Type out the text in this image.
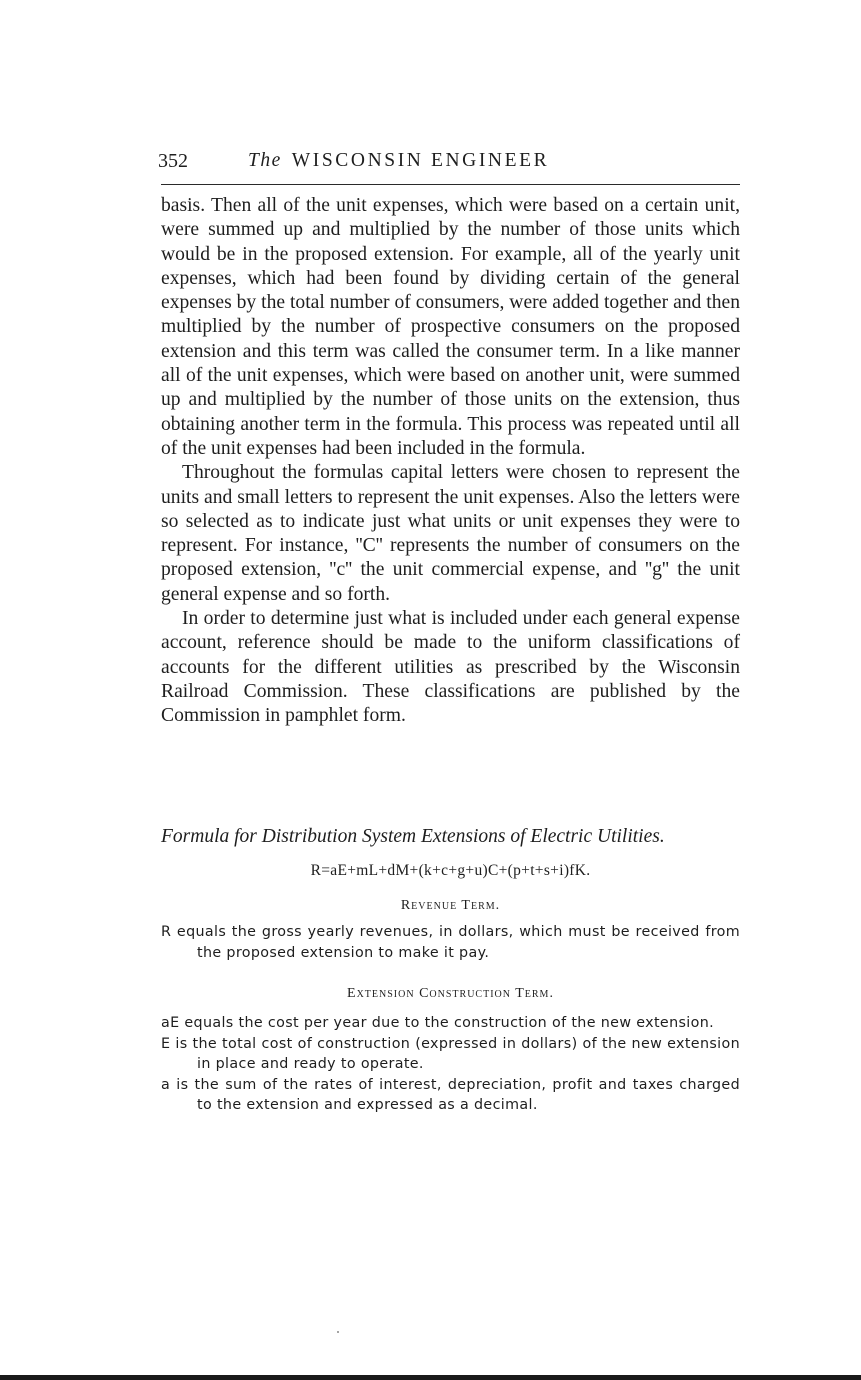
352	The WISCONSIN ENGINEER

basis. Then all of the unit expenses, which were based on a certain unit, were summed up and multiplied by the number of those units which would be in the proposed extension. For example, all of the yearly unit expenses, which had been found by dividing certain of the general expenses by the total number of consumers, were added together and then multiplied by the number of prospective consumers on the proposed extension and this term was called the consumer term. In a like manner all of the unit expenses, which were based on another unit, were summed up and multiplied by the number of those units on the extension, thus obtaining another term in the formula. This process was repeated until all of the unit expenses had been included in the formula.

Throughout the formulas capital letters were chosen to represent the units and small letters to represent the unit expenses. Also the letters were so selected as to indicate just what units or unit expenses they were to represent. For instance, ''C'' represents the number of consumers on the proposed extension, ''c'' the unit commercial expense, and ''g'' the unit general expense and so forth.

In order to determine just what is included under each general expense account, reference should be made to the uniform classifications of accounts for the different utilities as prescribed by the Wisconsin Railroad Commission. These classifications are published by the Commission in pamphlet form.

Formula for Distribution System Extensions of Electric Utilities.
R=aE+mL+dM+(k+c+g+u)C+(p+t+s+i)fK.
Revenue Term.

R equals the gross yearly revenues, in dollars, which must be received from the proposed extension to make it pay.

Extension Construction Term.

aE equals the cost per year due to the construction of the new extension.

E is the total cost of construction (expressed in dollars) of the new extension in place and ready to operate.

a is the sum of the rates of interest, depreciation, profit and taxes charged to the extension and expressed as a decimal.
